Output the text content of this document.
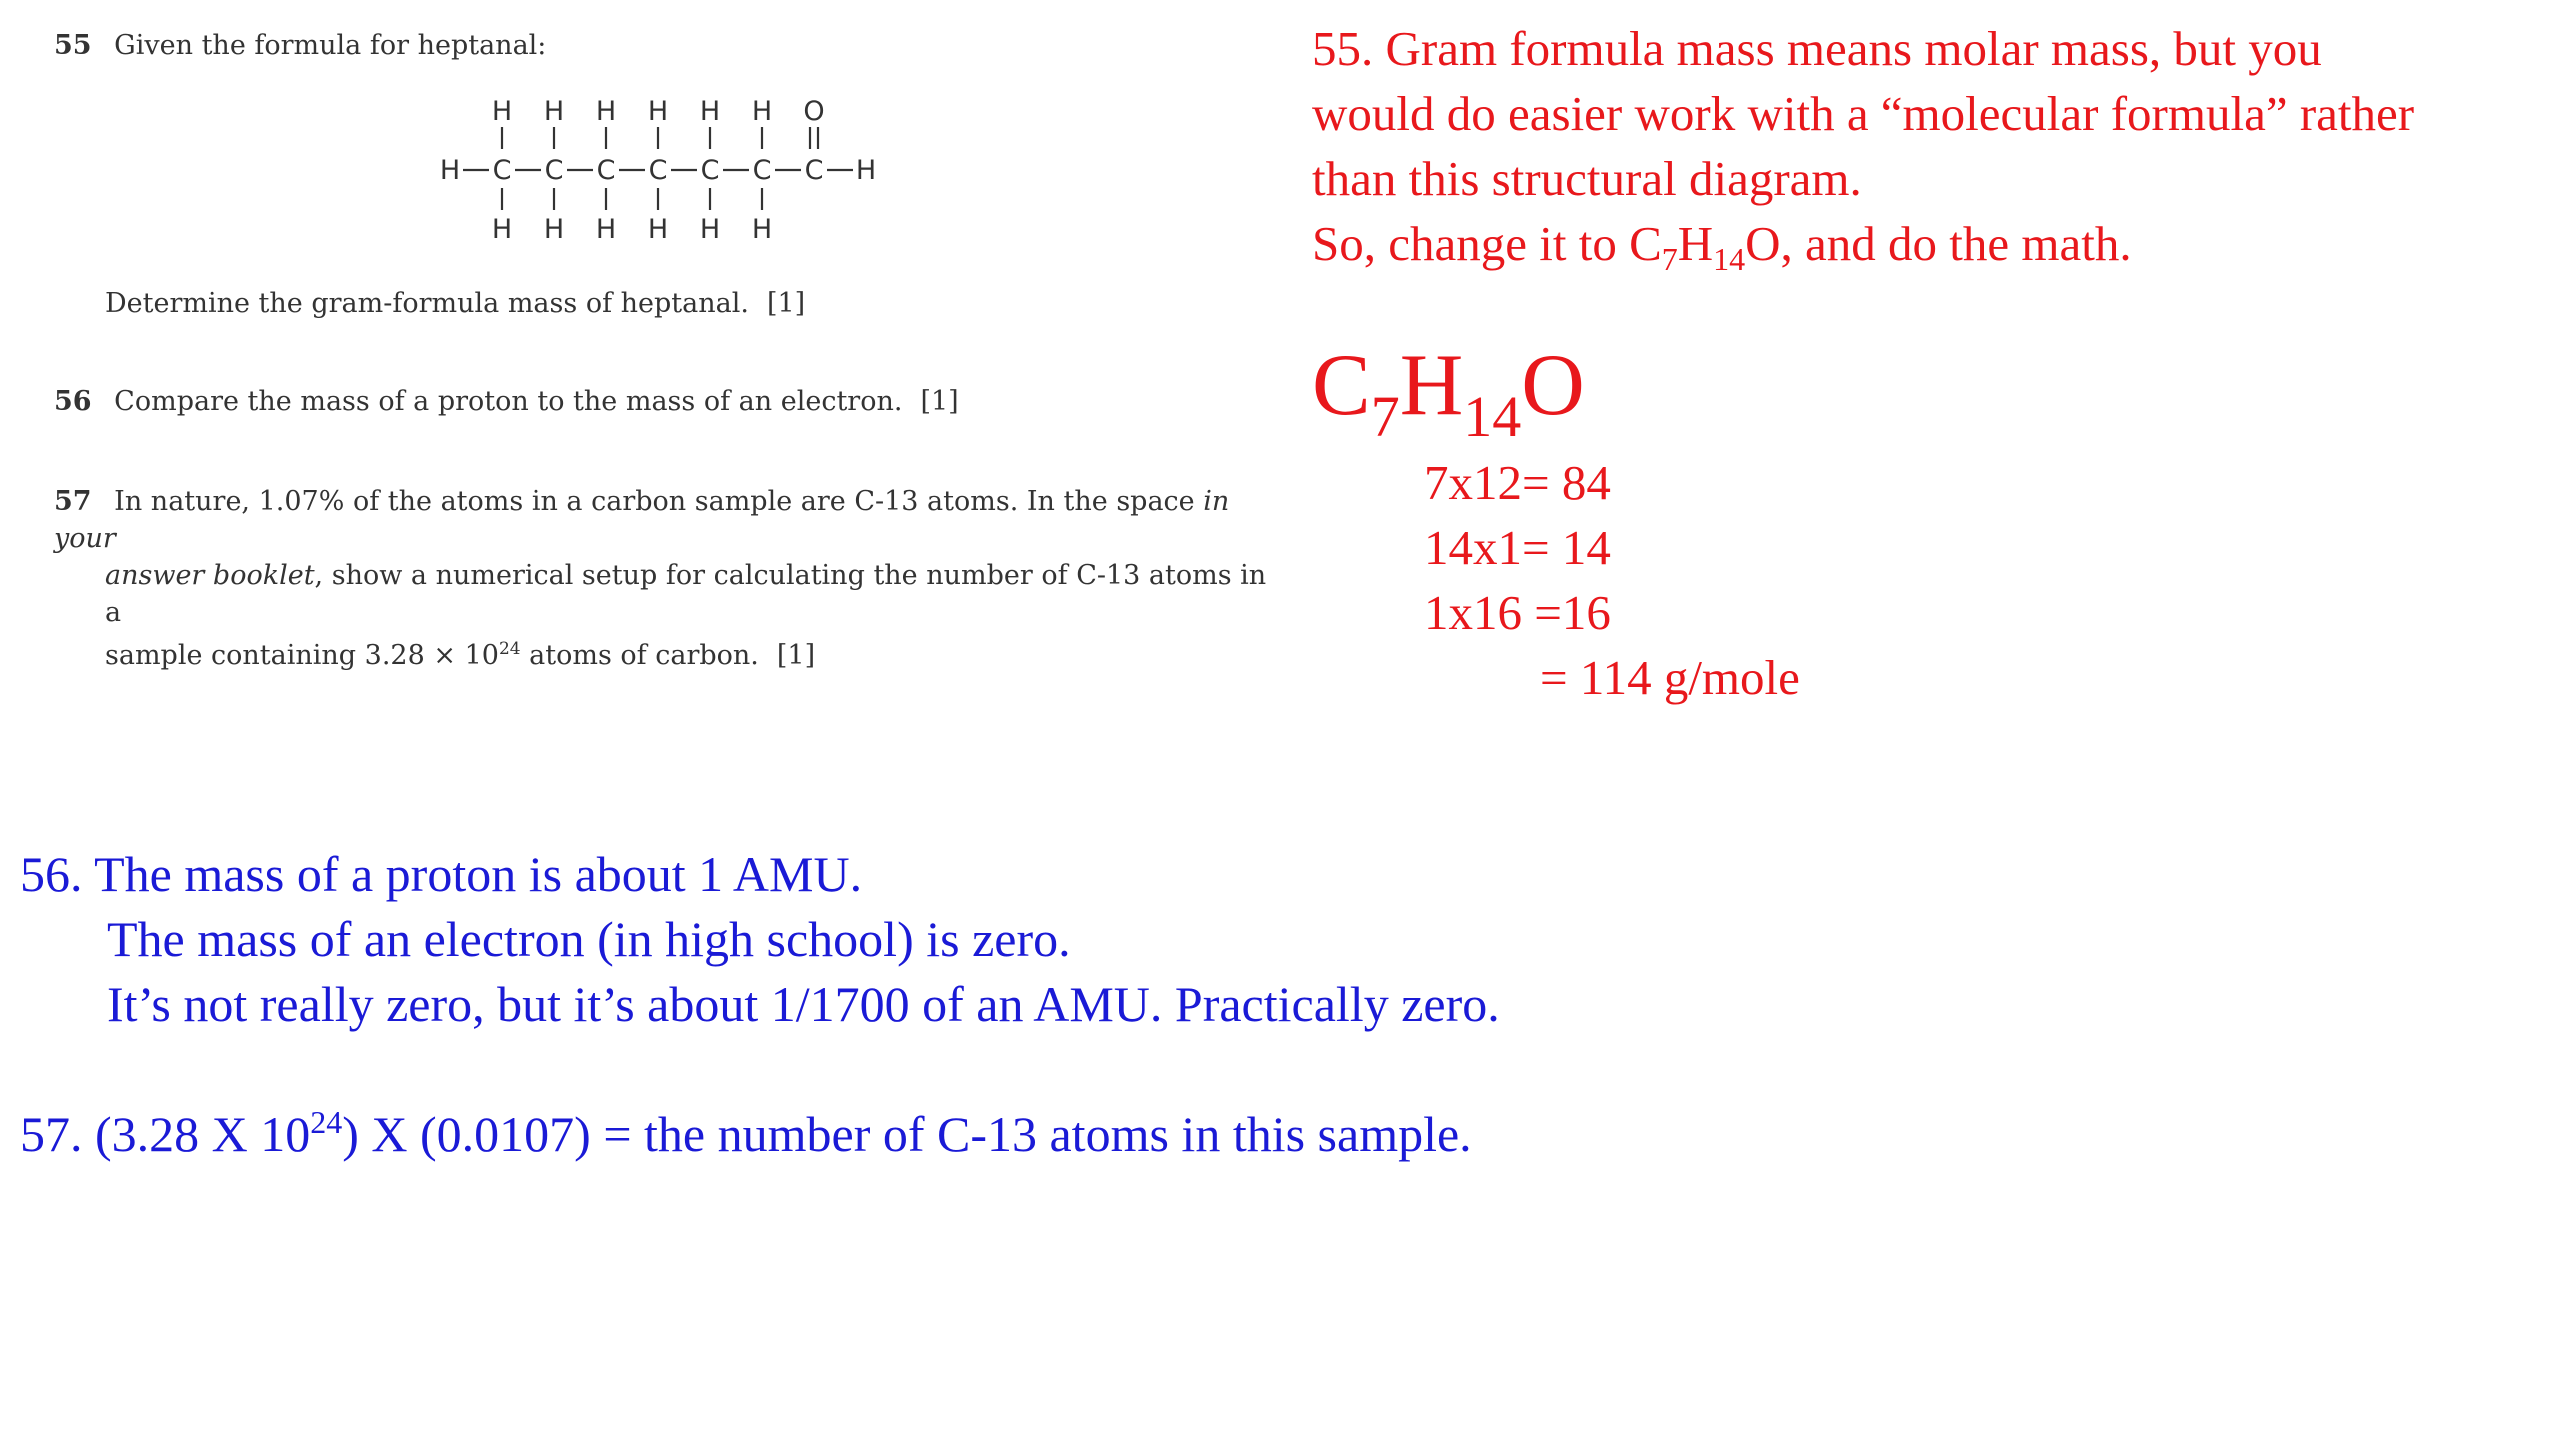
55 Given the formula for heptanal:
H H H H H H O
H C C C C C C C H
H H H H H H
Determine the gram-formula mass of heptanal. [1]
56 Compare the mass of a proton to the mass of an electron. [1]
57 In nature, 1.07% of the atoms in a carbon sample are C-13 atoms. In the space in your
answer booklet, show a numerical setup for calculating the number of C-13 atoms in a
sample containing $3.28 \times 10^{24}$ atoms of carbon. [1]
55. Gram formula mass means molar mass, but you
would do easier work with a “molecular formula” rather
than this structural diagram.
So, change it to $C_7H_{14}O$, and do the math.
$C_7H_{14}O$
7x12= 84
14x1= 14
1x16 =16
= 114 g/mole
56. The mass of a proton is about 1 AMU.
The mass of an electron (in high school) is zero.
It’s not really zero, but it’s about 1/1700 of an AMU. Practically zero.
57. (3.28 X $10^{24}$) X (0.0107) = the number of C-13 atoms in this sample.
